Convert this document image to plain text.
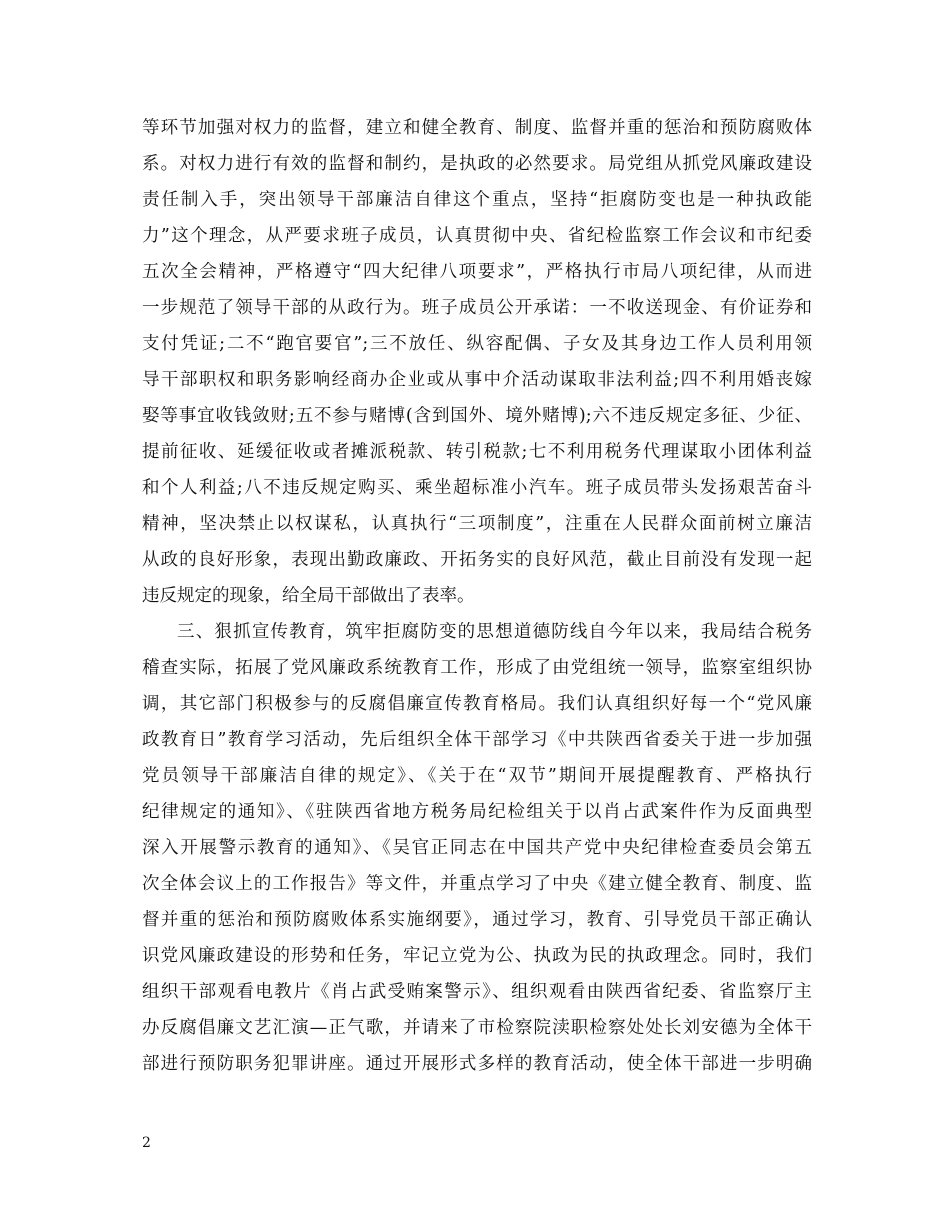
等环节加强对权力的监督，建立和健全教育、制度、监督并重的惩治和预防腐败体
系。对权力进行有效的监督和制约，是执政的必然要求。局党组从抓党风廉政建设
责任制入手，突出领导干部廉洁自律这个重点，坚持“拒腐防变也是一种执政能
力”这个理念，从严要求班子成员，认真贯彻中央、省纪检监察工作会议和市纪委
五次全会精神，严格遵守“四大纪律八项要求”，严格执行市局八项纪律，从而进
一步规范了领导干部的从政行为。班子成员公开承诺：一不收送现金、有价证券和
支付凭证;二不“跑官要官”;三不放任、纵容配偶、子女及其身边工作人员利用领
导干部职权和职务影响经商办企业或从事中介活动谋取非法利益;四不利用婚丧嫁
娶等事宜收钱敛财;五不参与赌博(含到国外、境外赌博);六不违反规定多征、少征、
提前征收、延缓征收或者摊派税款、转引税款;七不利用税务代理谋取小团体利益
和个人利益;八不违反规定购买、乘坐超标准小汽车。班子成员带头发扬艰苦奋斗
精神，坚决禁止以权谋私，认真执行“三项制度”，注重在人民群众面前树立廉洁
从政的良好形象，表现出勤政廉政、开拓务实的良好风范，截止目前没有发现一起
违反规定的现象，给全局干部做出了表率。
三、狠抓宣传教育，筑牢拒腐防变的思想道德防线自今年以来，我局结合税务
稽查实际，拓展了党风廉政系统教育工作，形成了由党组统一领导，监察室组织协
调，其它部门积极参与的反腐倡廉宣传教育格局。我们认真组织好每一个“党风廉
政教育日”教育学习活动，先后组织全体干部学习《中共陕西省委关于进一步加强
党员领导干部廉洁自律的规定》、《关于在“双节”期间开展提醒教育、严格执行
纪律规定的通知》、《驻陕西省地方税务局纪检组关于以肖占武案件作为反面典型
深入开展警示教育的通知》、《吴官正同志在中国共产党中央纪律检查委员会第五
次全体会议上的工作报告》等文件，并重点学习了中央《建立健全教育、制度、监
督并重的惩治和预防腐败体系实施纲要》，通过学习，教育、引导党员干部正确认
识党风廉政建设的形势和任务，牢记立党为公、执政为民的执政理念。同时，我们
组织干部观看电教片《肖占武受贿案警示》、组织观看由陕西省纪委、省监察厅主
办反腐倡廉文艺汇演—正气歌，并请来了市检察院渎职检察处处长刘安德为全体干
部进行预防职务犯罪讲座。通过开展形式多样的教育活动，使全体干部进一步明确
2
